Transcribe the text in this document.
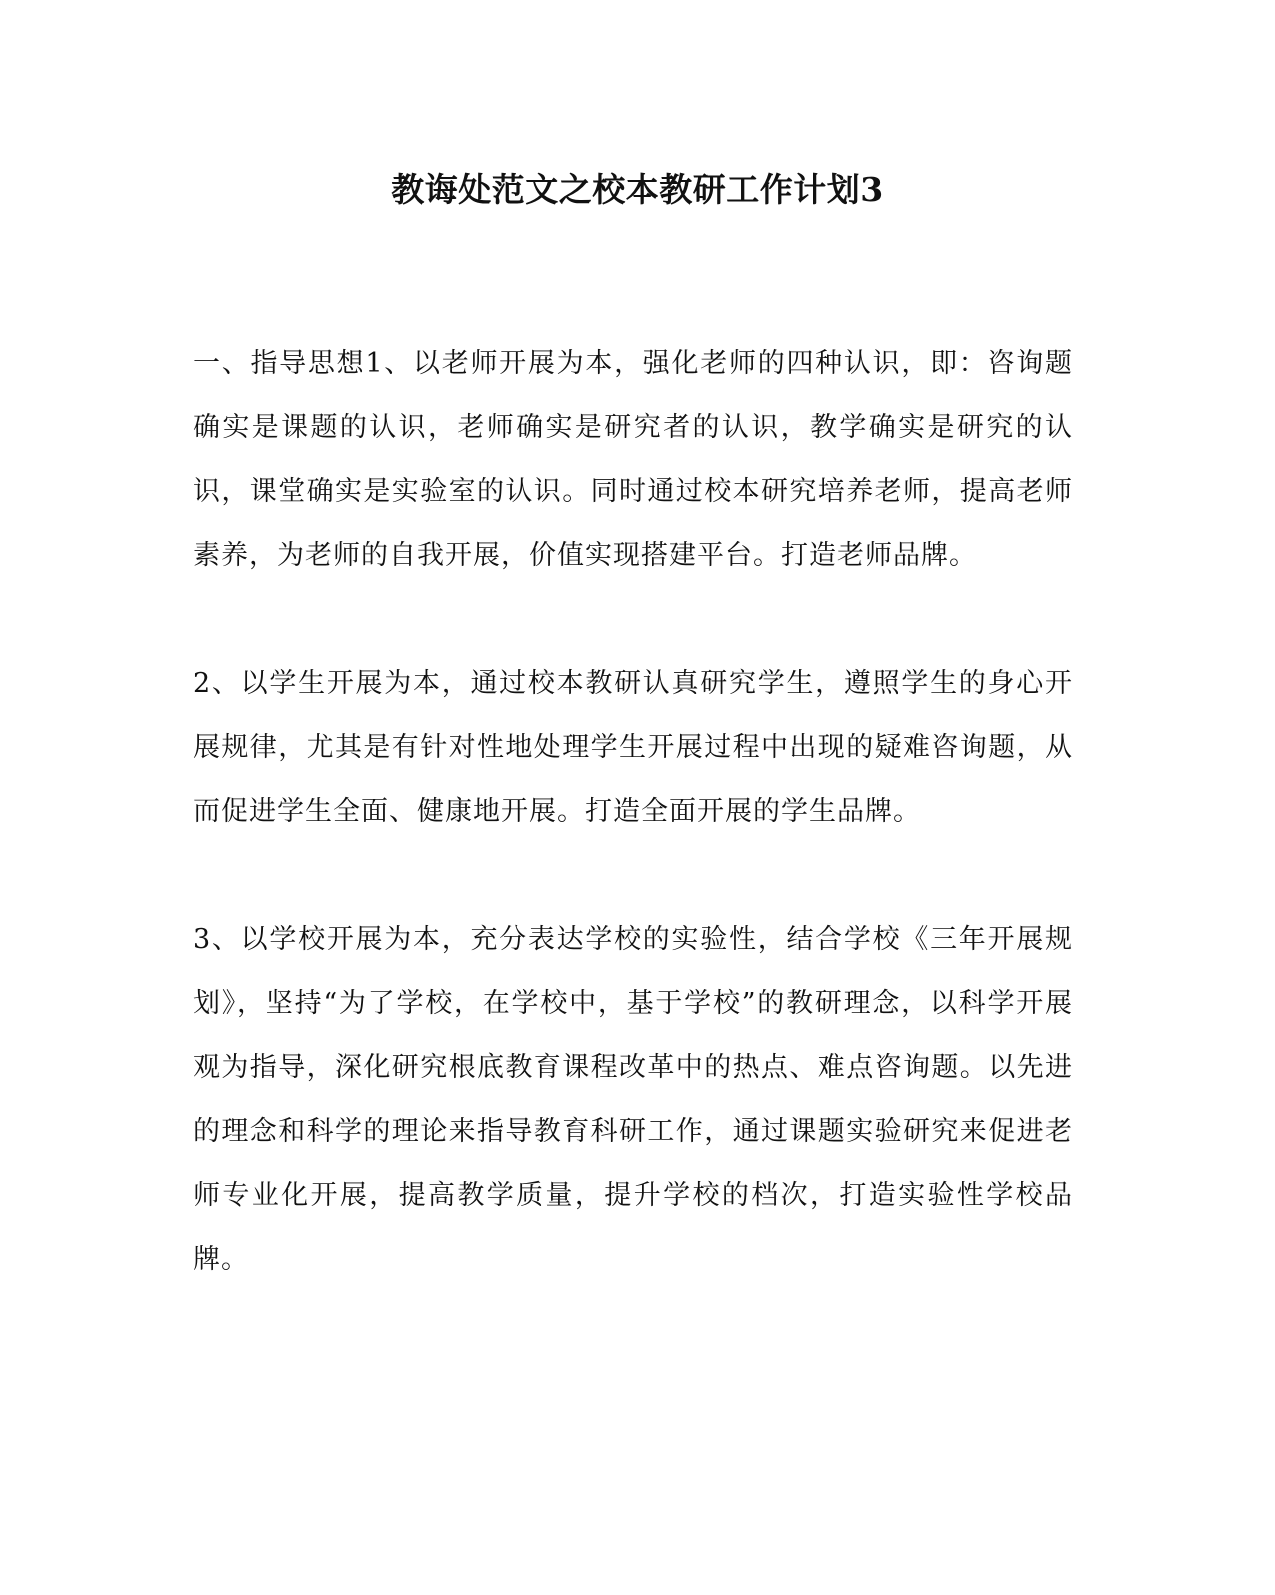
教诲处范文之校本教研工作计划3

一、指导思想1、以老师开展为本，强化老师的四种认识，即：咨询题确实是课题的认识，老师确实是研究者的认识，教学确实是研究的认识，课堂确实是实验室的认识。同时通过校本研究培养老师，提高老师素养，为老师的自我开展，价值实现搭建平台。打造老师品牌。

2、以学生开展为本，通过校本教研认真研究学生，遵照学生的身心开展规律，尤其是有针对性地处理学生开展过程中出现的疑难咨询题，从而促进学生全面、健康地开展。打造全面开展的学生品牌。

3、以学校开展为本，充分表达学校的实验性，结合学校《三年开展规划》，坚持“为了学校，在学校中，基于学校”的教研理念，以科学开展观为指导，深化研究根底教育课程改革中的热点、难点咨询题。以先进的理念和科学的理论来指导教育科研工作，通过课题实验研究来促进老师专业化开展，提高教学质量，提升学校的档次，打造实验性学校品牌。
